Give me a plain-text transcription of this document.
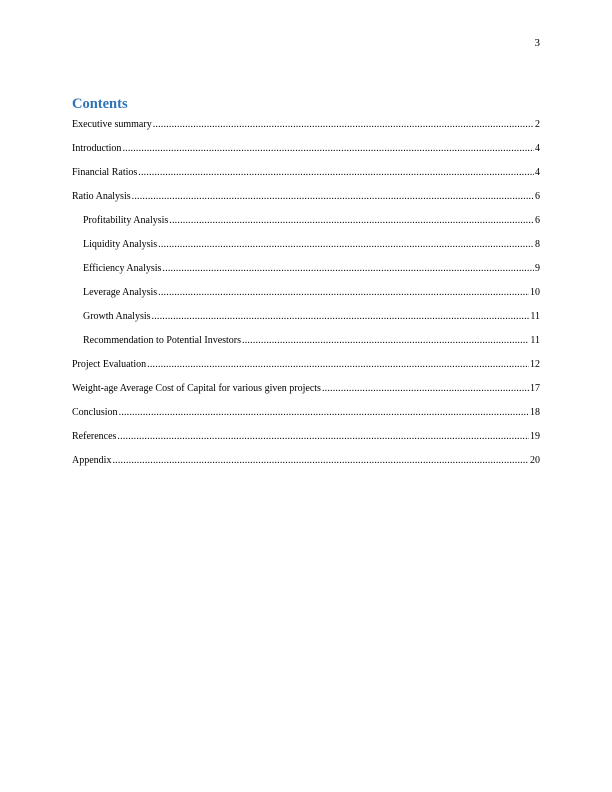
3
Contents
Executive summary .....	2
Introduction .....	4
Financial Ratios .....	4
Ratio Analysis .....	6
Profitability Analysis .....	6
Liquidity Analysis .....	8
Efficiency Analysis .....	9
Leverage Analysis .....	10
Growth Analysis .....	11
Recommendation to Potential Investors .....	11
Project Evaluation .....	12
Weight-age Average Cost of Capital for various given projects .....	17
Conclusion .....	18
References .....	19
Appendix .....	20
